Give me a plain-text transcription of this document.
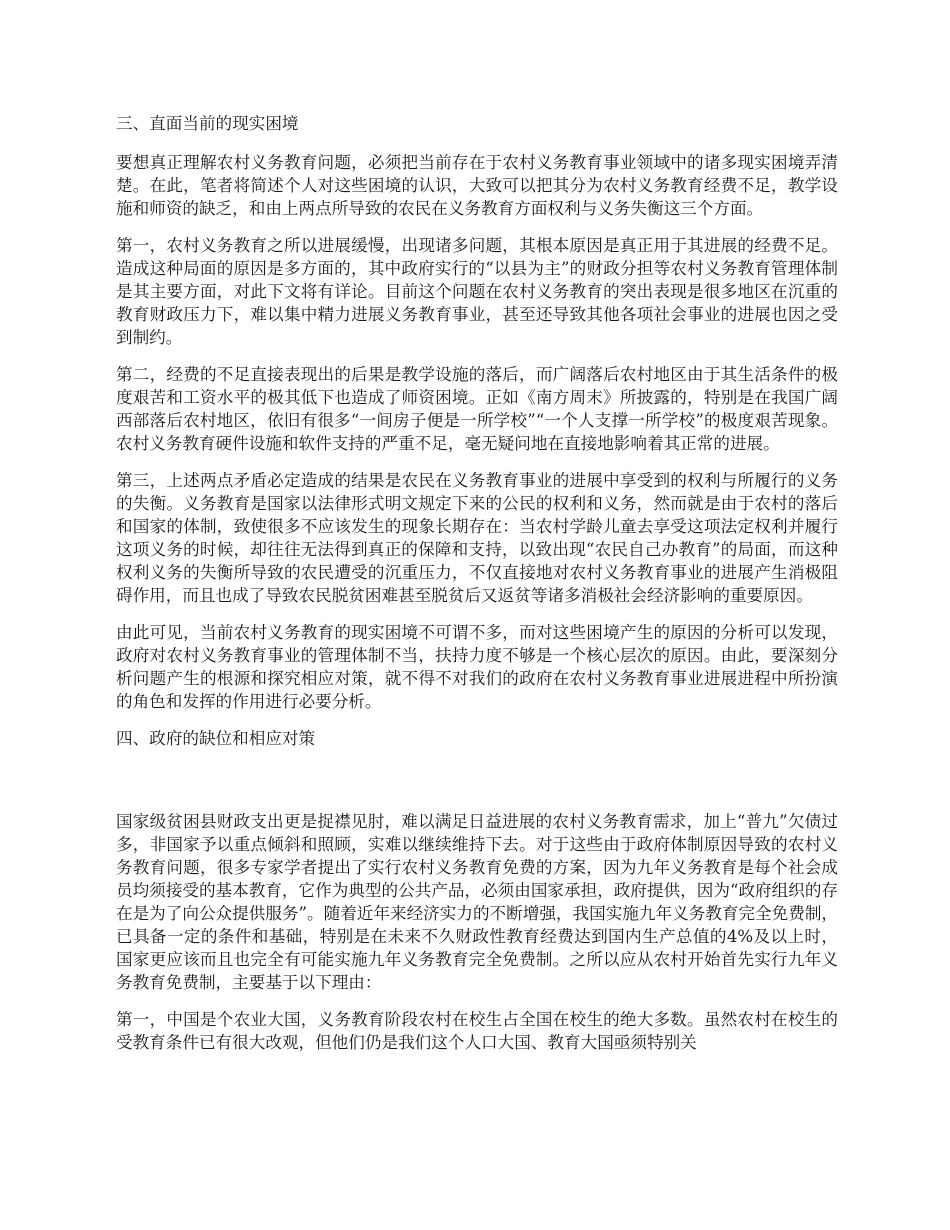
三、直面当前的现实困境

要想真正理解农村义务教育问题，必须把当前存在于农村义务教育事业领域中的诸多现实困境弄清楚。在此，笔者将简述个人对这些困境的认识，大致可以把其分为农村义务教育经费不足，教学设施和师资的缺乏，和由上两点所导致的农民在义务教育方面权利与义务失衡这三个方面。

第一，农村义务教育之所以进展缓慢，出现诸多问题，其根本原因是真正用于其进展的经费不足。造成这种局面的原因是多方面的，其中政府实行的“以县为主”的财政分担等农村义务教育管理体制是其主要方面，对此下文将有详论。目前这个问题在农村义务教育的突出表现是很多地区在沉重的教育财政压力下，难以集中精力进展义务教育事业，甚至还导致其他各项社会事业的进展也因之受到制约。

第二，经费的不足直接表现出的后果是教学设施的落后，而广阔落后农村地区由于其生活条件的极度艰苦和工资水平的极其低下也造成了师资困境。正如《南方周末》所披露的，特别是在我国广阔西部落后农村地区，依旧有很多“一间房子便是一所学校”“一个人支撑一所学校”的极度艰苦现象。农村义务教育硬件设施和软件支持的严重不足，毫无疑问地在直接地影响着其正常的进展。

第三，上述两点矛盾必定造成的结果是农民在义务教育事业的进展中享受到的权利与所履行的义务的失衡。义务教育是国家以法律形式明文规定下来的公民的权利和义务，然而就是由于农村的落后和国家的体制，致使很多不应该发生的现象长期存在：当农村学龄儿童去享受这项法定权利并履行这项义务的时候，却往往无法得到真正的保障和支持，以致出现“农民自己办教育”的局面，而这种权利义务的失衡所导致的农民遭受的沉重压力，不仅直接地对农村义务教育事业的进展产生消极阻碍作用，而且也成了导致农民脱贫困难甚至脱贫后又返贫等诸多消极社会经济影响的重要原因。

由此可见，当前农村义务教育的现实困境不可谓不多，而对这些困境产生的原因的分析可以发现，政府对农村义务教育事业的管理体制不当，扶持力度不够是一个核心层次的原因。由此，要深刻分析问题产生的根源和探究相应对策，就不得不对我们的政府在农村义务教育事业进展进程中所扮演的角色和发挥的作用进行必要分析。

四、政府的缺位和相应对策

国家级贫困县财政支出更是捉襟见肘，难以满足日益进展的农村义务教育需求，加上“普九”欠债过多，非国家予以重点倾斜和照顾，实难以继续维持下去。对于这些由于政府体制原因导致的农村义务教育问题，很多专家学者提出了实行农村义务教育免费的方案，因为九年义务教育是每个社会成员均须接受的基本教育，它作为典型的公共产品，必须由国家承担，政府提供，因为“政府组织的存在是为了向公众提供服务”。随着近年来经济实力的不断增强，我国实施九年义务教育完全免费制，已具备一定的条件和基础，特别是在未来不久财政性教育经费达到国内生产总值的4%及以上时，国家更应该而且也完全有可能实施九年义务教育完全免费制。之所以应从农村开始首先实行九年义务教育免费制，主要基于以下理由：

第一，中国是个农业大国，义务教育阶段农村在校生占全国在校生的绝大多数。虽然农村在校生的受教育条件已有很大改观，但他们仍是我们这个人口大国、教育大国亟须特别关
